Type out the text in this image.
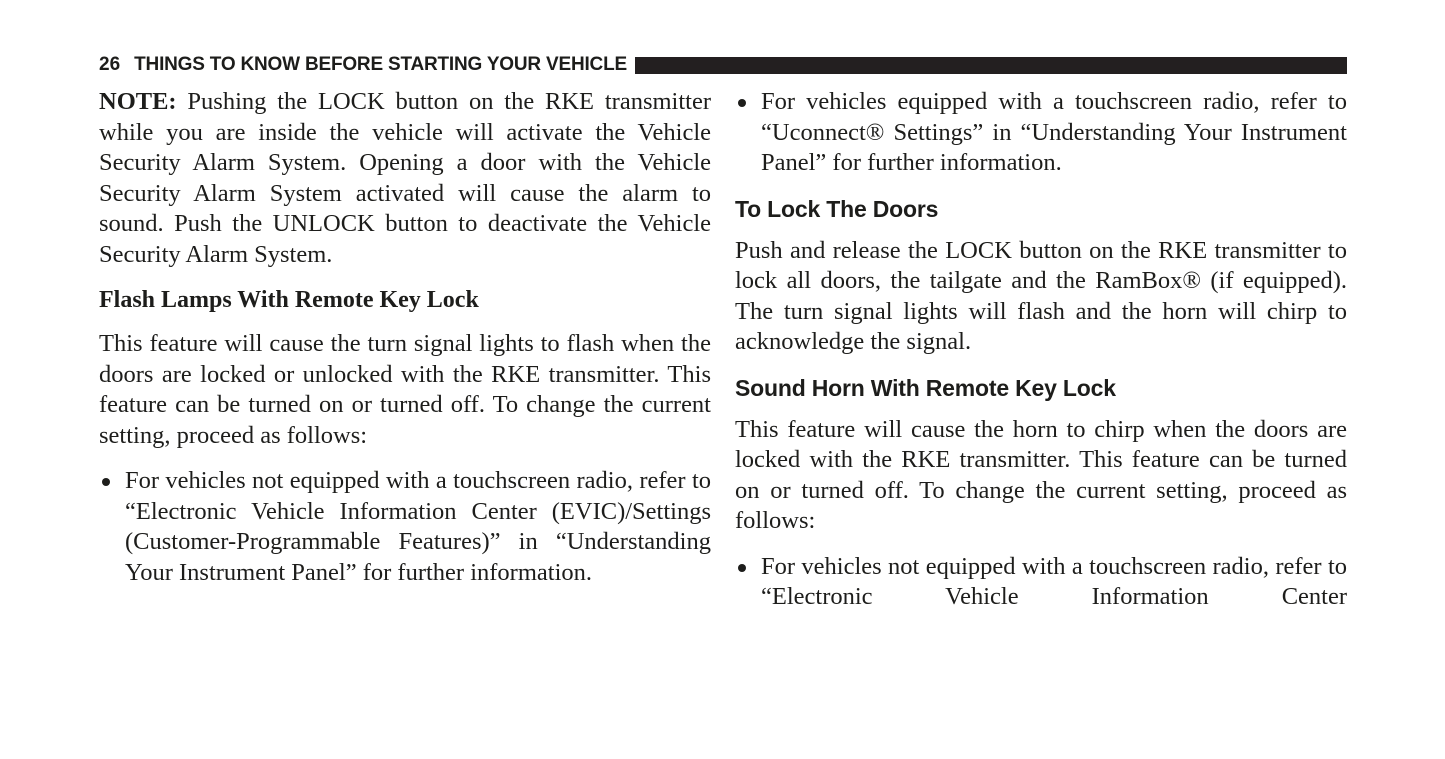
26 THINGS TO KNOW BEFORE STARTING YOUR VEHICLE

NOTE: Pushing the LOCK button on the RKE transmitter while you are inside the vehicle will activate the Vehicle Security Alarm System. Opening a door with the Vehicle Security Alarm System activated will cause the alarm to sound. Push the UNLOCK button to deactivate the Vehicle Security Alarm System.

Flash Lamps With Remote Key Lock

This feature will cause the turn signal lights to flash when the doors are locked or unlocked with the RKE transmitter. This feature can be turned on or turned off. To change the current setting, proceed as follows:

For vehicles not equipped with a touchscreen radio, refer to “Electronic Vehicle Information Center (EVIC)/Settings (Customer-Programmable Features)” in “Understanding Your Instrument Panel” for further information.
For vehicles equipped with a touchscreen radio, refer to “Uconnect® Settings” in “Understanding Your Instrument Panel” for further information.
To Lock The Doors

Push and release the LOCK button on the RKE transmitter to lock all doors, the tailgate and the RamBox® (if equipped). The turn signal lights will flash and the horn will chirp to acknowledge the signal.

Sound Horn With Remote Key Lock

This feature will cause the horn to chirp when the doors are locked with the RKE transmitter. This feature can be turned on or turned off. To change the current setting, proceed as follows:

For vehicles not equipped with a touchscreen radio, refer to “Electronic Vehicle Information Center
